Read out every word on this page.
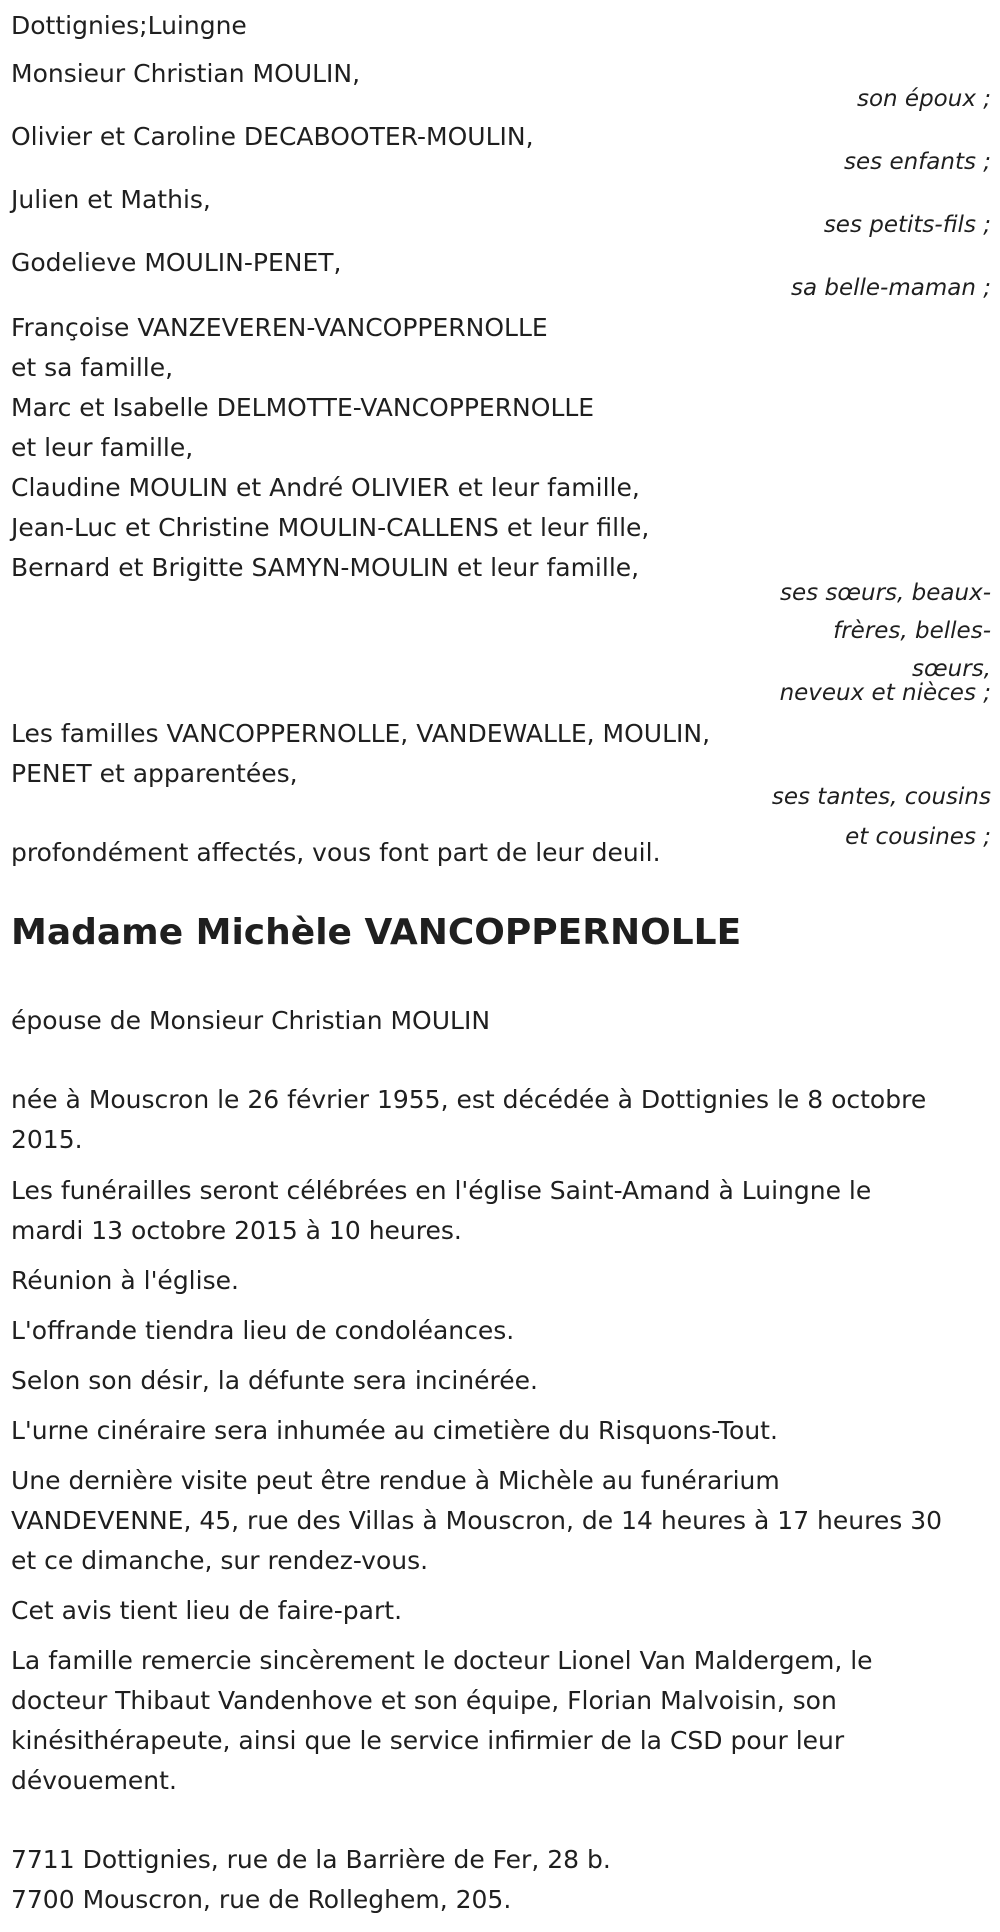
Dottignies;Luingne

Monsieur Christian MOULIN,

son époux ;

Olivier et Caroline DECABOOTER-MOULIN,

ses enfants ;

Julien et Mathis,

ses petits-fils ;

Godelieve MOULIN-PENET,

sa belle-maman ;

Françoise VANZEVEREN-VANCOPPERNOLLE

et sa famille,

Marc et Isabelle DELMOTTE-VANCOPPERNOLLE

et leur famille,

Claudine MOULIN et André OLIVIER et leur famille,

Jean-Luc et Christine MOULIN-CALLENS et leur fille,

Bernard et Brigitte SAMYN-MOULIN et leur famille,

ses sœurs, beaux-

frères, belles-

sœurs,

neveux et nièces ;

Les familles VANCOPPERNOLLE, VANDEWALLE, MOULIN,

PENET et apparentées,

ses tantes, cousins

et cousines ;

profondément affectés, vous font part de leur deuil.

Madame Michèle VANCOPPERNOLLE

épouse de Monsieur Christian MOULIN

née à Mouscron le 26 février 1955, est décédée à Dottignies le 8 octobre

2015.

Les funérailles seront célébrées en l'église Saint-Amand à Luingne le
mardi 13 octobre 2015 à 10 heures.
Réunion à l'église.
L'offrande tiendra lieu de condoléances.
Selon son désir, la défunte sera incinérée.
L'urne cinéraire sera inhumée au cimetière du Risquons-Tout.
Une dernière visite peut être rendue à Michèle au funérarium
VANDEVENNE, 45, rue des Villas à Mouscron, de 14 heures à 17 heures 30
et ce dimanche, sur rendez-vous.
Cet avis tient lieu de faire-part.
La famille remercie sincèrement le docteur Lionel Van Maldergem, le
docteur Thibaut Vandenhove et son équipe, Florian Malvoisin, son
kinésithérapeute, ainsi que le service infirmier de la CSD pour leur
dévouement.
7711 Dottignies, rue de la Barrière de Fer, 28 b.
7700 Mouscron, rue de Rolleghem, 205.
